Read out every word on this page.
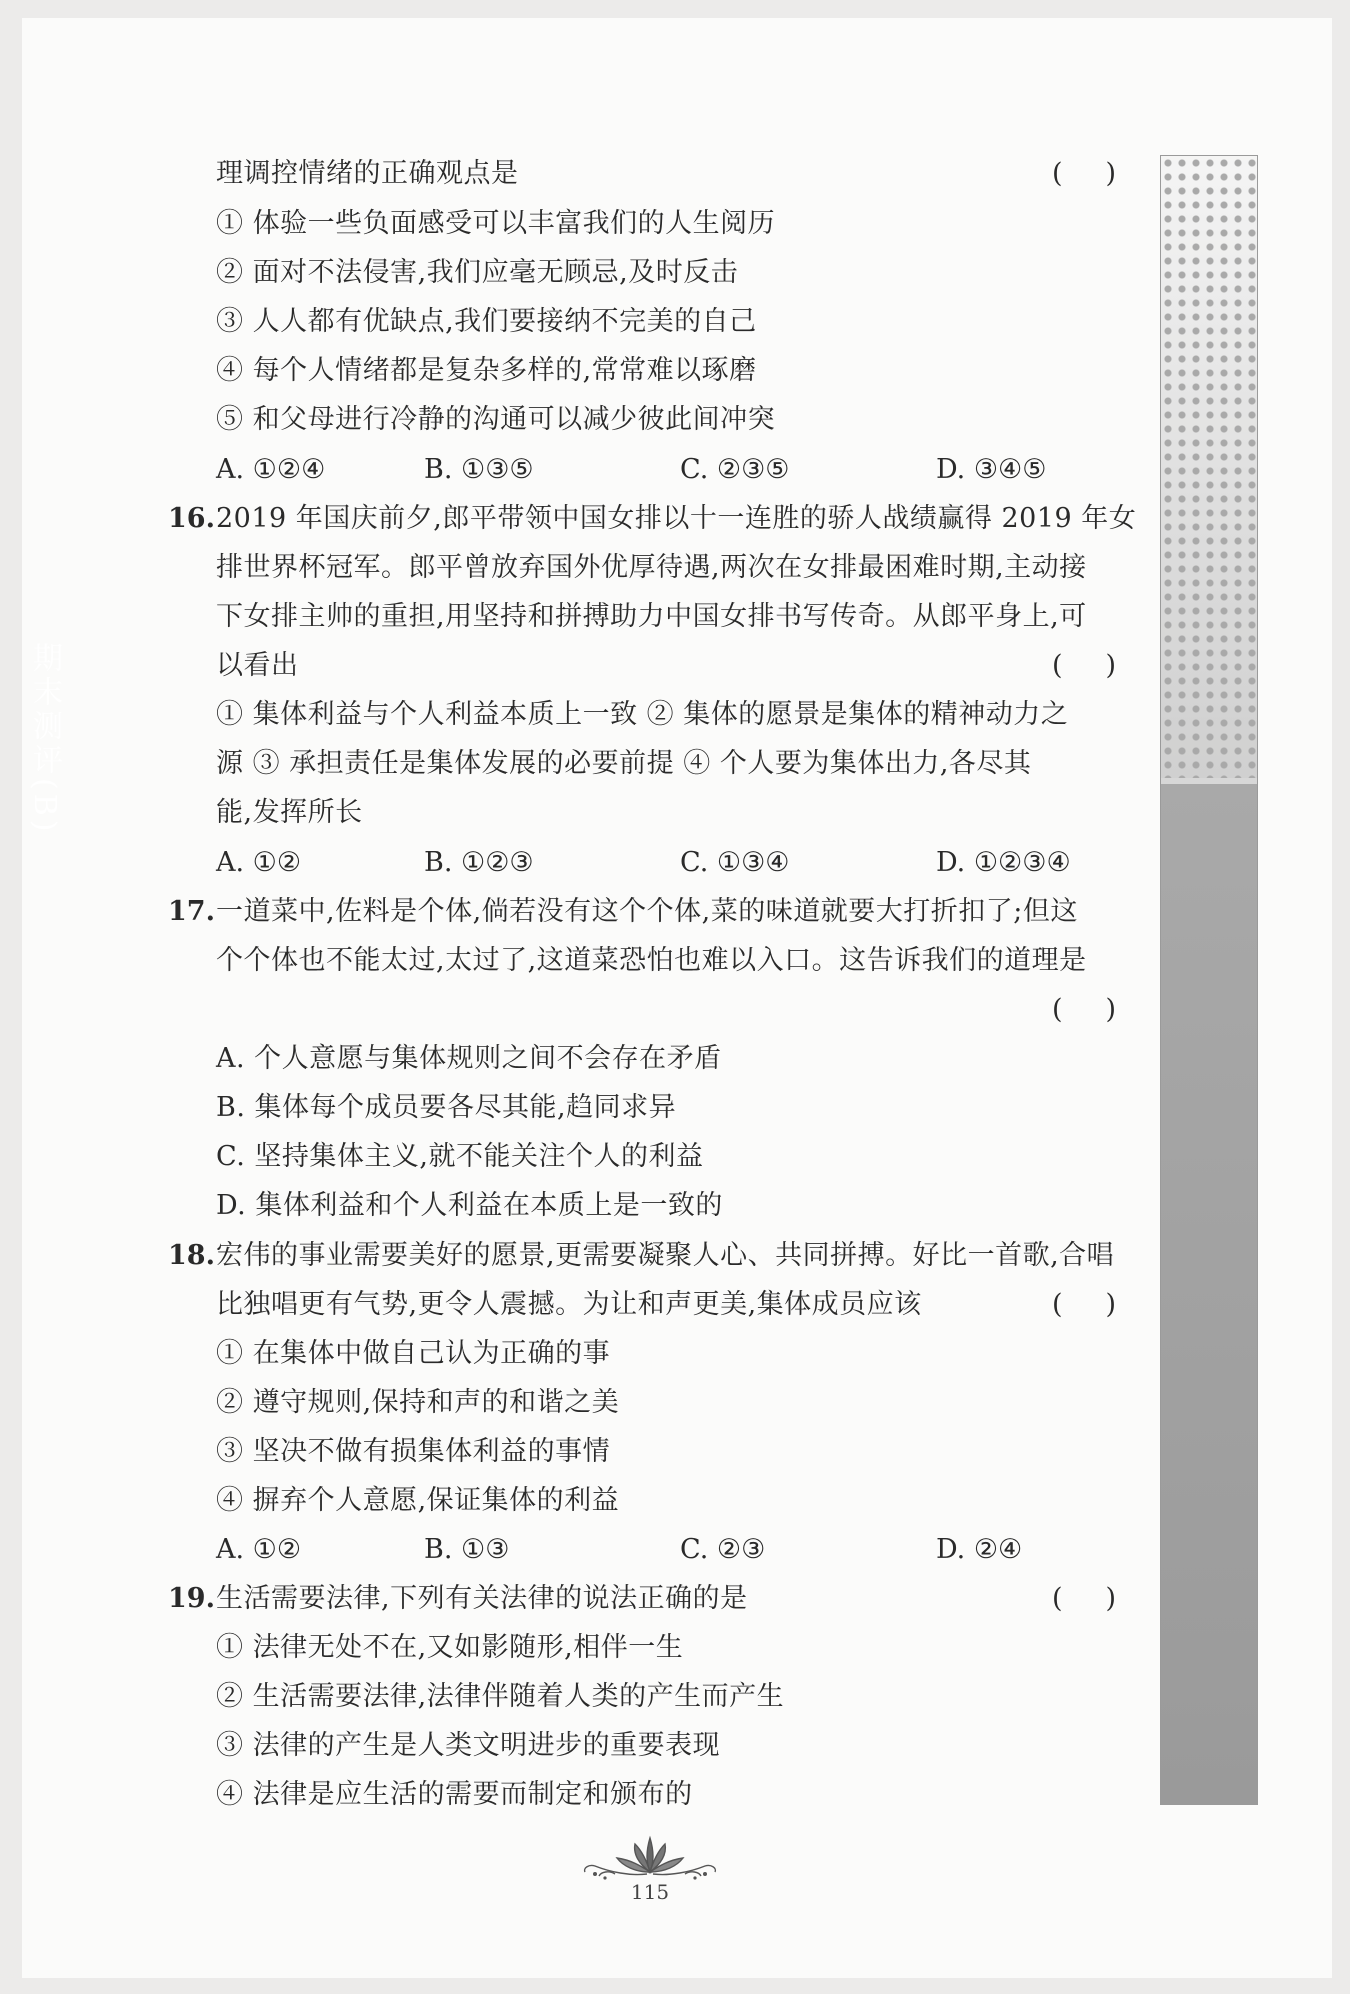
理调控情绪的正确观点是	(     )
① 体验一些负面感受可以丰富我们的人生阅历
② 面对不法侵害,我们应毫无顾忌,及时反击
③ 人人都有优缺点,我们要接纳不完美的自己
④ 每个人情绪都是复杂多样的,常常难以琢磨
⑤ 和父母进行冷静的沟通可以减少彼此间冲突
A. ①②④	B. ①③⑤	C. ②③⑤	D. ③④⑤
16. 2019 年国庆前夕,郎平带领中国女排以十一连胜的骄人战绩赢得 2019 年女
排世界杯冠军。郎平曾放弃国外优厚待遇,两次在女排最困难时期,主动接
下女排主帅的重担,用坚持和拼搏助力中国女排书写传奇。从郎平身上,可
以看出	(     )
① 集体利益与个人利益本质上一致 ② 集体的愿景是集体的精神动力之
源 ③ 承担责任是集体发展的必要前提 ④ 个人要为集体出力,各尽其
能,发挥所长
A. ①②	B. ①②③	C. ①③④	D. ①②③④
17. 一道菜中,佐料是个体,倘若没有这个个体,菜的味道就要大打折扣了;但这
个个体也不能太过,太过了,这道菜恐怕也难以入口。这告诉我们的道理是
(     )
A. 个人意愿与集体规则之间不会存在矛盾
B. 集体每个成员要各尽其能,趋同求异
C. 坚持集体主义,就不能关注个人的利益
D. 集体利益和个人利益在本质上是一致的
18. 宏伟的事业需要美好的愿景,更需要凝聚人心、共同拼搏。好比一首歌,合唱
比独唱更有气势,更令人震撼。为让和声更美,集体成员应该	(     )
① 在集体中做自己认为正确的事
② 遵守规则,保持和声的和谐之美
③ 坚决不做有损集体利益的事情
④ 摒弃个人意愿,保证集体的利益
A. ①②	B. ①③	C. ②③	D. ②④
19. 生活需要法律,下列有关法律的说法正确的是	(     )
① 法律无处不在,又如影随形,相伴一生
② 生活需要法律,法律伴随着人类的产生而产生
③ 法律的产生是人类文明进步的重要表现
④ 法律是应生活的需要而制定和颁布的
期末测评(B)
115
